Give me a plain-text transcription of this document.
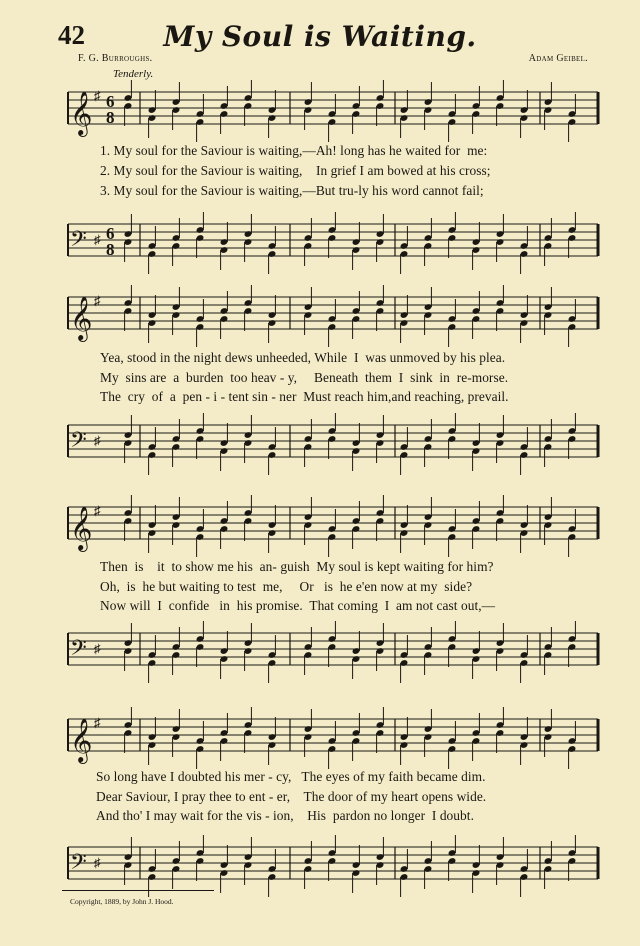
42	My Soul is Waiting.
F. G. Burroughs.	Adam Geibel.
Tenderly.
𝄞 ♯ 6
8
1. My soul for the Saviour is waiting,—Ah! long has he waited for  me:
2. My soul for the Saviour is waiting,    In grief I am bowed at his cross;
3. My soul for the Saviour is waiting,—But tru-ly his word cannot fail;
𝄢 ♯ 6
8
𝄞 ♯
Yea, stood in the night dews unheeded, While  I  was unmoved by his plea.
My  sins are  a  burden  too heav - y,     Beneath  them  I  sink  in  re-morse.
The  cry  of  a  pen - i - tent sin - ner  Must reach him,and reaching, prevail.
𝄢 ♯
𝄞 ♯
Then  is    it  to show me his  an- guish  My soul is kept waiting for him?
Oh,  is  he but waiting to test  me,     Or   is  he e'en now at my  side?
Now will  I  confide   in  his promise.  That coming  I  am not cast out,—
𝄢 ♯
𝄞 ♯
So long have I doubted his mer - cy,   The eyes of my faith became dim.
Dear Saviour, I pray thee to ent - er,    The door of my heart opens wide.
And tho' I may wait for the vis - ion,    His  pardon no longer  I doubt.
𝄢 ♯
Copyright, 1889, by John J. Hood.
